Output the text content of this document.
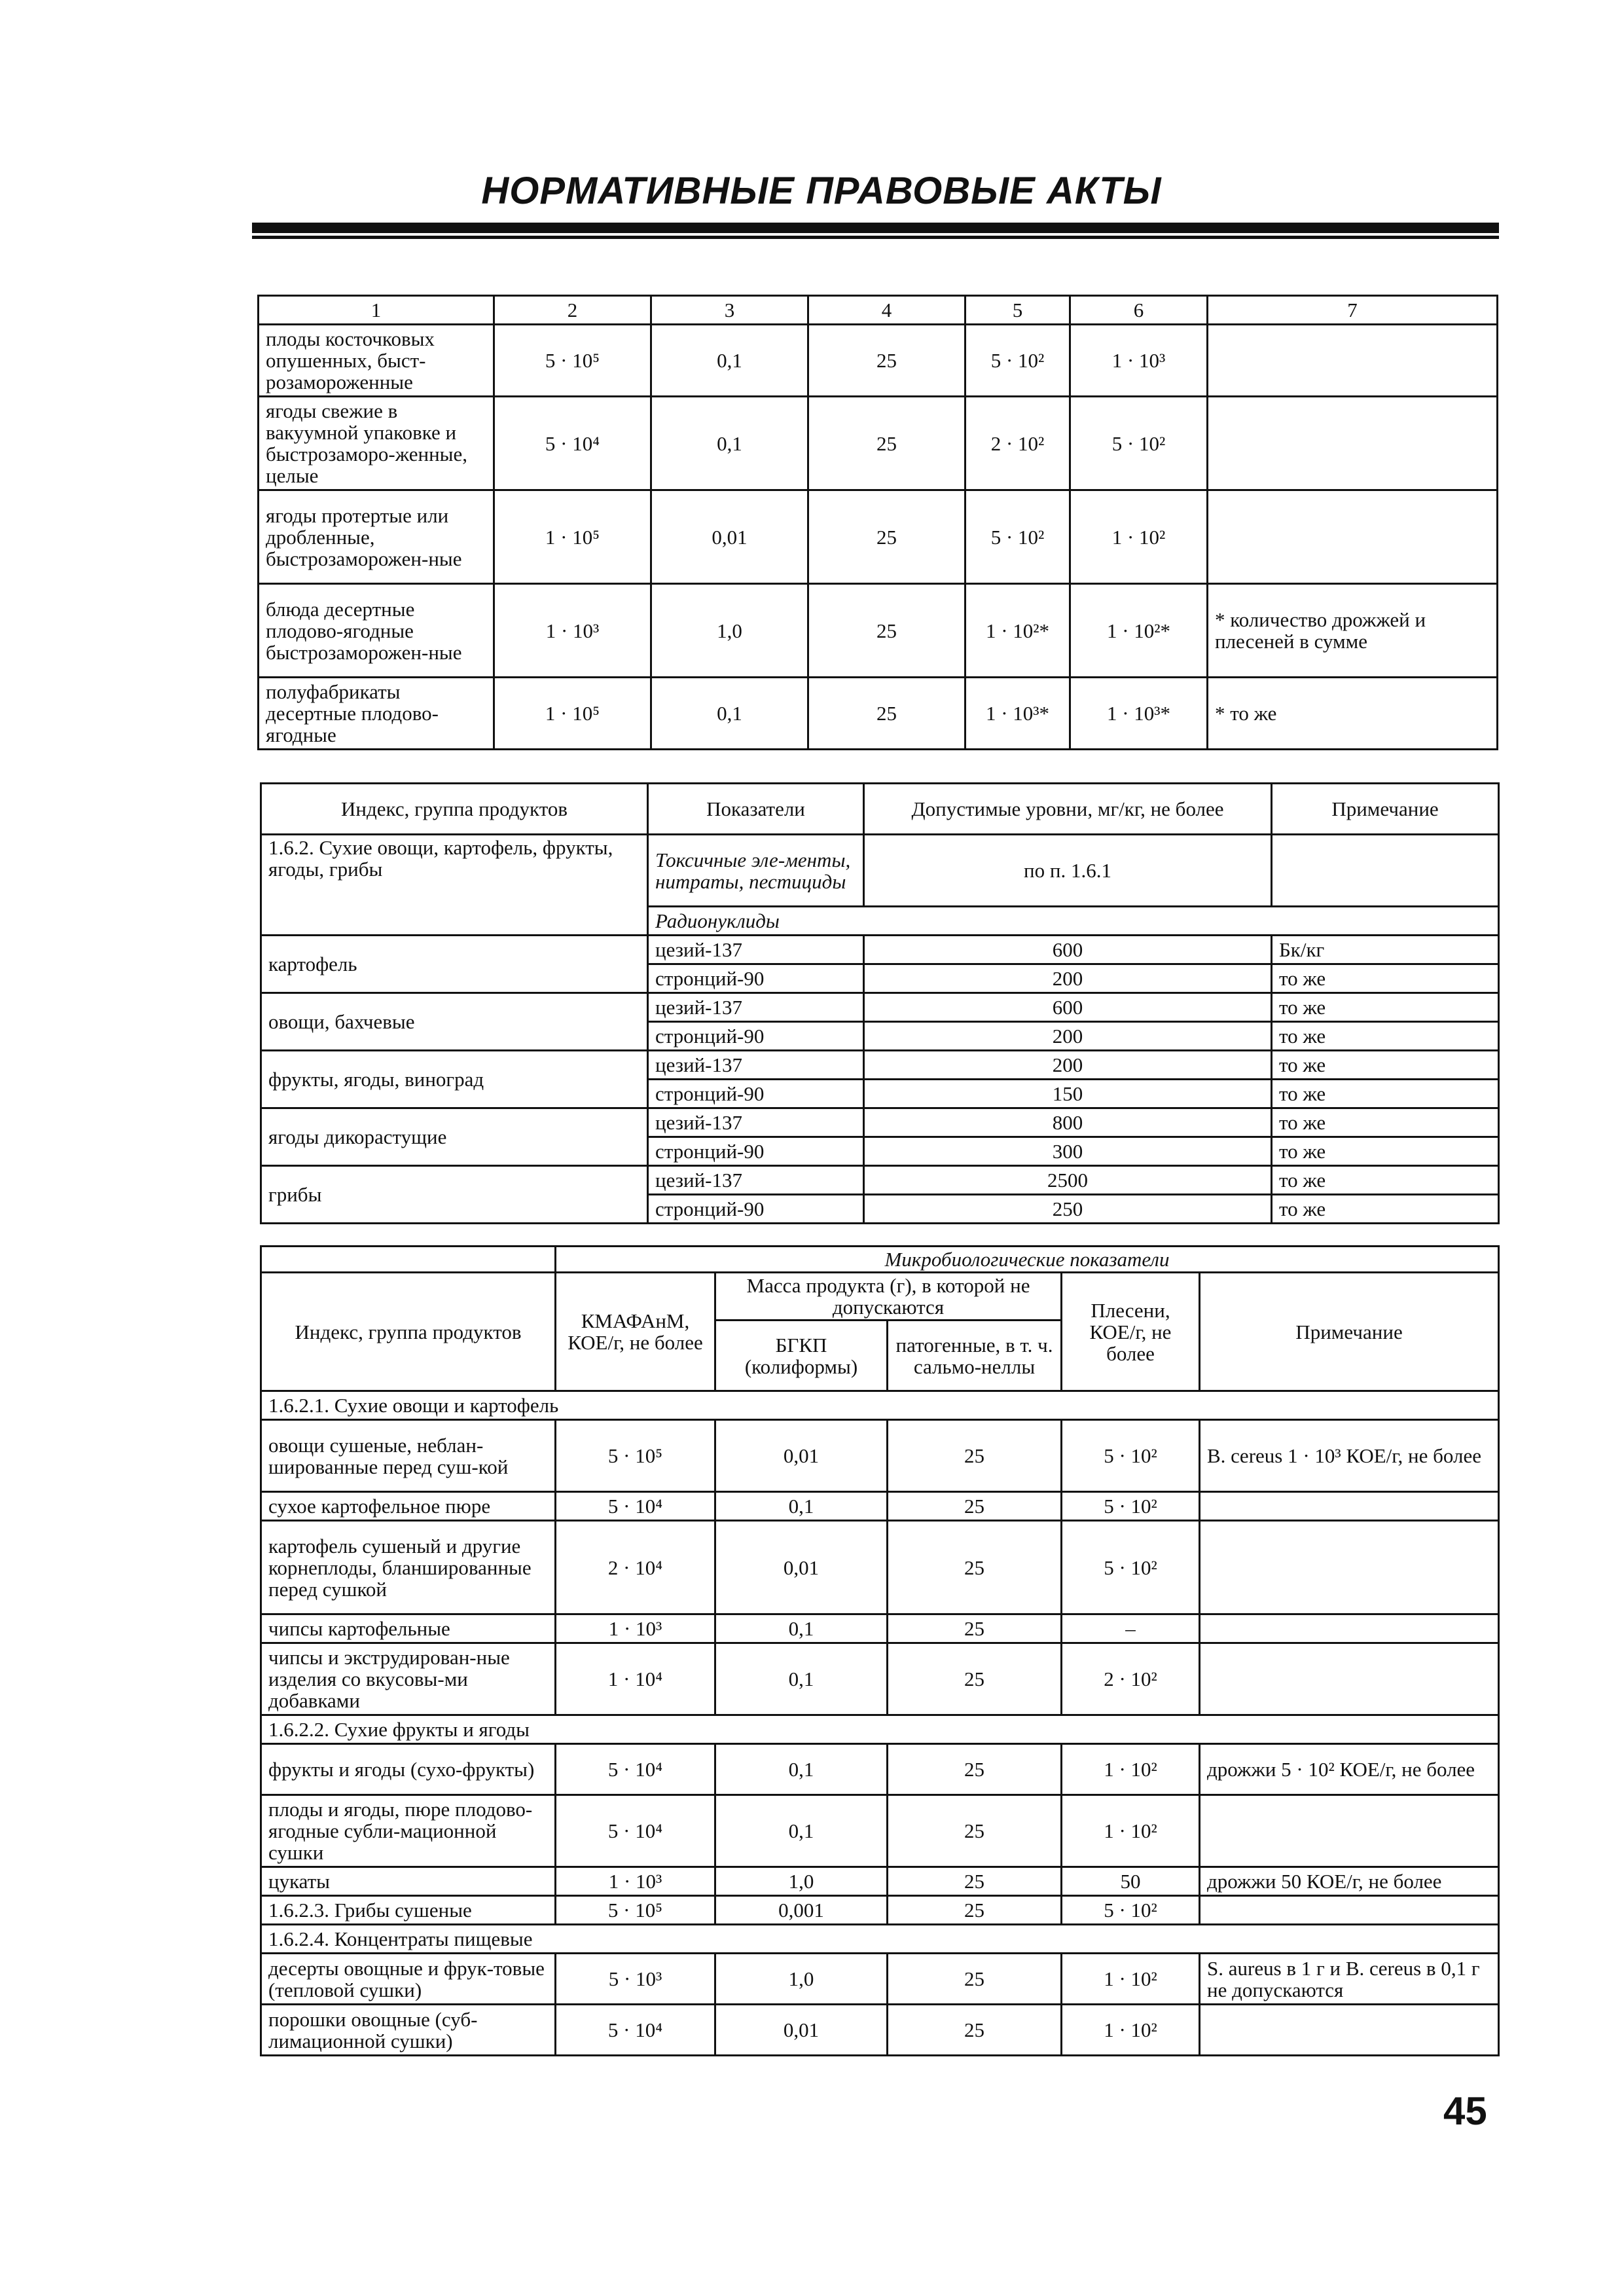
НОРМАТИВНЫЕ ПРАВОВЫЕ АКТЫ
1	2	3	4	5	6	7
плоды косточковых опушенных, быст-розамороженные	5 · 10⁵	0,1	25	5 · 10²	1 · 10³	
ягоды свежие в вакуумной упаковке и быстрозаморо-женные, целые	5 · 10⁴	0,1	25	2 · 10²	5 · 10²	
ягоды протертые или дробленные, быстрозаморожен-ные	1 · 10⁵	0,01	25	5 · 10²	1 · 10²	
блюда десертные плодово-ягодные быстрозаморожен-ные	1 · 10³	1,0	25	1 · 10²*	1 · 10²*	* количество дрожжей и плесеней в сумме
полуфабрикаты десертные плодово-ягодные	1 · 10⁵	0,1	25	1 · 10³*	1 · 10³*	* то же
Индекс, группа продуктов	Показатели	Допустимые уровни, мг/кг, не более	Примечание
1.6.2. Сухие овощи, картофель, фрукты, ягоды, грибы	Токсичные эле-менты, нитраты, пестициды	по п. 1.6.1	
	Радионуклиды		
картофель	цезий-137	600	Бк/кг
	стронций-90	200	то же
овощи, бахчевые	цезий-137	600	то же
	стронций-90	200	то же
фрукты, ягоды, виноград	цезий-137	200	то же
	стронций-90	150	то же
ягоды дикорастущие	цезий-137	800	то же
	стронций-90	300	то же
грибы	цезий-137	2500	то же
	стронций-90	250	то же
	Микробиологические показатели				
Индекс, группа продуктов	КМАФАнМ, КОЕ/г, не более	Масса продукта (г), в которой не допускаются		Плесени, КОЕ/г, не более	Примечание
		БГКП (колиформы)	патогенные, в т. ч. сальмо-неллы		
1.6.2.1. Сухие овощи и картофель					
овощи сушеные, неблан-шированные перед суш-кой	5 · 10⁵	0,01	25	5 · 10²	B. cereus 1 · 10³ КОЕ/г, не более
сухое картофельное пюре	5 · 10⁴	0,1	25	5 · 10²	
картофель сушеный и другие корнеплоды, бланшированные перед сушкой	2 · 10⁴	0,01	25	5 · 10²	
чипсы картофельные	1 · 10³	0,1	25	–	
чипсы и экструдирован-ные изделия со вкусовы-ми добавками	1 · 10⁴	0,1	25	2 · 10²	
1.6.2.2. Сухие фрукты и ягоды					
фрукты и ягоды (сухо-фрукты)	5 · 10⁴	0,1	25	1 · 10²	дрожжи 5 · 10² КОЕ/г, не более
плоды и ягоды, пюре плодово-ягодные субли-мационной сушки	5 · 10⁴	0,1	25	1 · 10²	
цукаты	1 · 10³	1,0	25	50	дрожжи 50 КОЕ/г, не более
1.6.2.3. Грибы сушеные	5 · 10⁵	0,001	25	5 · 10²	
1.6.2.4. Концентраты пищевые					
десерты овощные и фрук-товые (тепловой сушки)	5 · 10³	1,0	25	1 · 10²	S. aureus в 1 г и B. cereus в 0,1 г не допускаются
порошки овощные (суб-лимационной сушки)	5 · 10⁴	0,01	25	1 · 10²	
45
